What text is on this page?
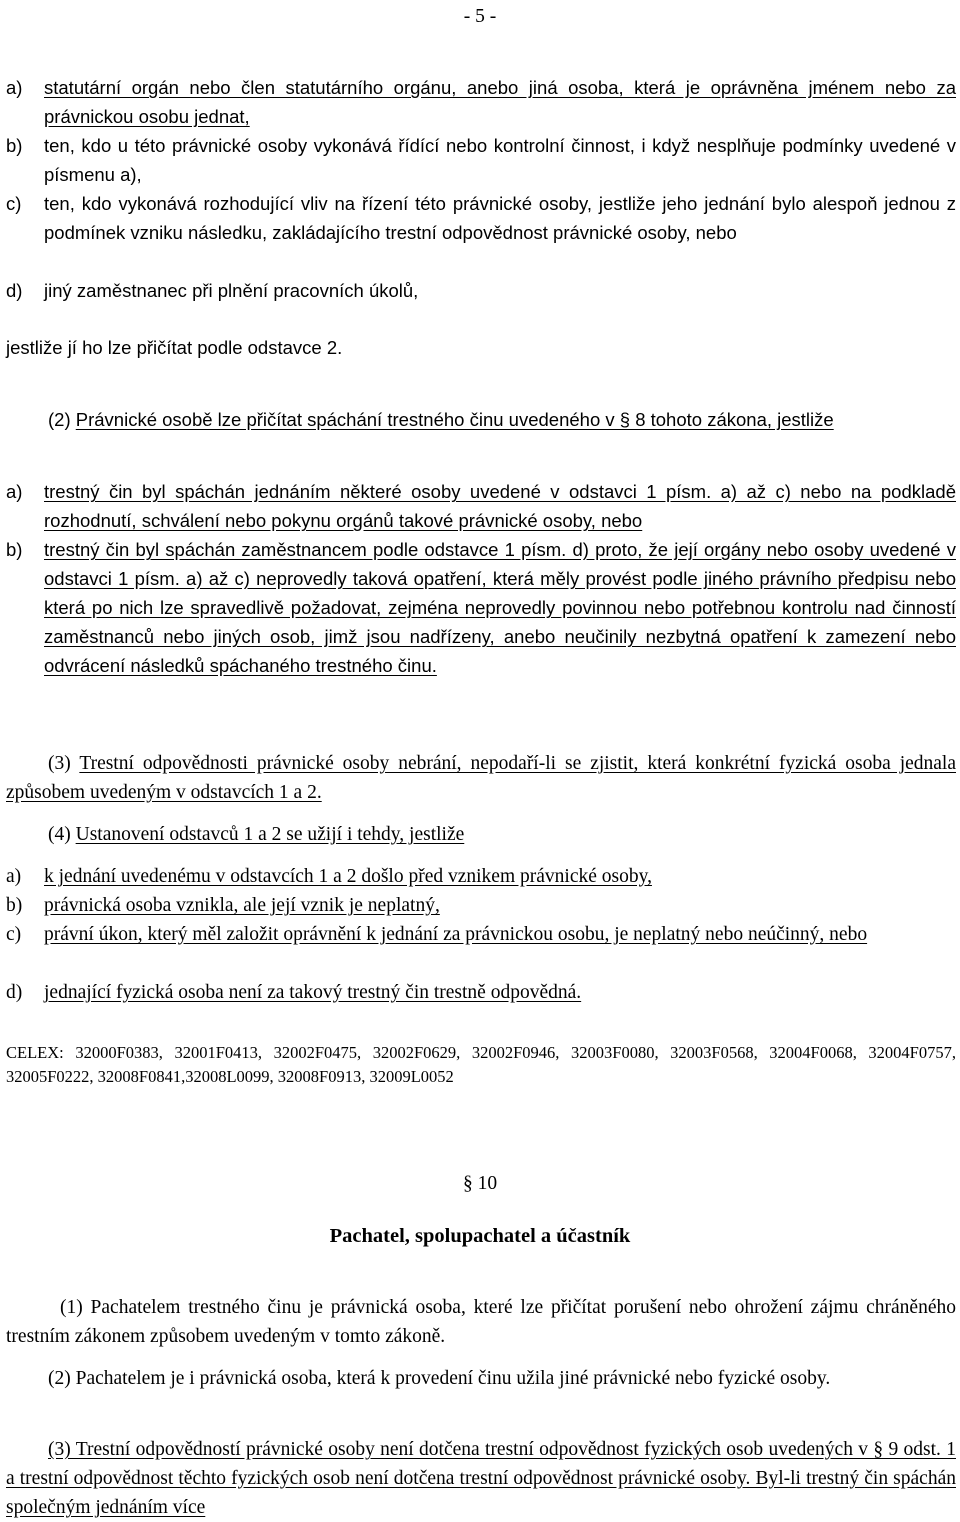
- 5 -
a) statutární orgán nebo člen statutárního orgánu, anebo jiná osoba, která je oprávněna jménem nebo za právnickou osobu jednat,
b) ten, kdo u této právnické osoby vykonává řídící nebo kontrolní činnost, i když nesplňuje podmínky uvedené v písmenu a),
c) ten, kdo vykonává rozhodující vliv na řízení této právnické osoby, jestliže jeho jednání bylo alespoň jednou z podmínek vzniku následku, zakládajícího trestní odpovědnost právnické osoby, nebo
d) jiný zaměstnanec při plnění pracovních úkolů,
jestliže jí ho lze přičítat podle odstavce 2.
(2) Právnické osobě lze přičítat spáchání trestného činu uvedeného v § 8 tohoto zákona, jestliže
a) trestný čin byl spáchán jednáním některé osoby uvedené v odstavci 1 písm. a) až c) nebo na podkladě rozhodnutí, schválení nebo pokynu orgánů takové právnické osoby, nebo
b) trestný čin byl spáchán zaměstnancem podle odstavce 1 písm. d) proto, že její orgány nebo osoby uvedené v odstavci 1 písm. a) až c) neprovedly taková opatření, která měly provést podle jiného právního předpisu nebo která po nich lze spravedlivě požadovat, zejména neprovedly povinnou nebo potřebnou kontrolu nad činností zaměstnanců nebo jiných osob, jimž jsou nadřízeny, anebo neučinily nezbytná opatření k zamezení nebo odvrácení následků spáchaného trestného činu.
(3) Trestní odpovědnosti právnické osoby nebrání, nepodaří-li se zjistit, která konkrétní fyzická osoba jednala způsobem uvedeným v odstavcích 1 a 2.
(4) Ustanovení odstavců 1 a 2 se užijí i tehdy, jestliže
a) k jednání uvedenému v odstavcích 1 a 2 došlo před vznikem právnické osoby,
b) právnická osoba vznikla, ale její vznik je neplatný,
c) právní úkon, který měl založit oprávnění k jednání za právnickou osobu, je neplatný nebo neúčinný, nebo
d) jednající fyzická osoba není za takový trestný čin trestně odpovědná.
CELEX: 32000F0383, 32001F0413, 32002F0475, 32002F0629, 32002F0946, 32003F0080, 32003F0568, 32004F0068, 32004F0757, 32005F0222, 32008F0841,32008L0099, 32008F0913, 32009L0052
§ 10
Pachatel, spolupachatel a účastník
(1) Pachatelem trestného činu je právnická osoba, které lze přičítat porušení nebo ohrožení zájmu chráněného trestním zákonem způsobem uvedeným v tomto zákoně.
(2) Pachatelem je i právnická osoba, která k provedení činu užila jiné právnické nebo fyzické osoby.
(3) Trestní odpovědností právnické osoby není dotčena trestní odpovědnost fyzických osob uvedených v § 9 odst. 1 a trestní odpovědnost těchto fyzických osob není dotčena trestní odpovědnost právnické osoby. Byl-li trestný čin spáchán společným jednáním více
